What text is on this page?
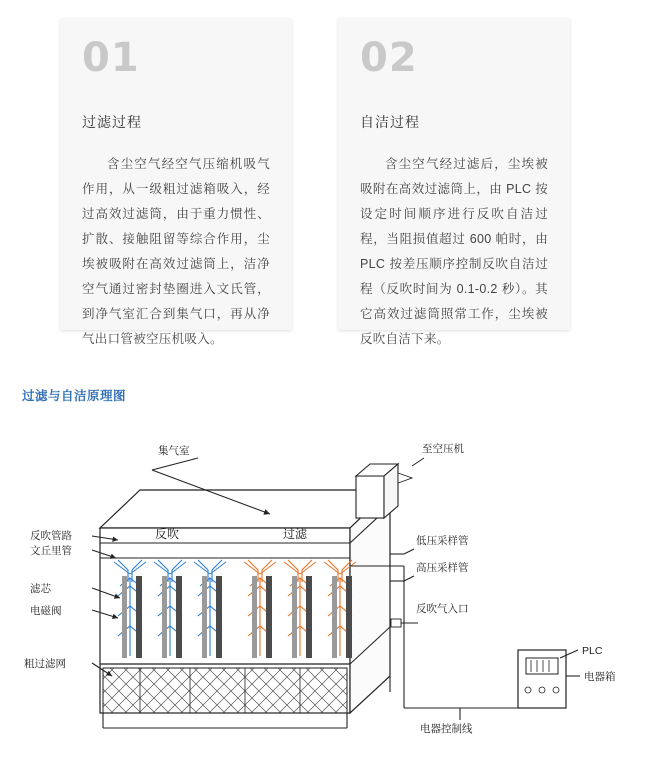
01
过滤过程
含尘空气经空气压缩机吸气作用，从一级粗过滤箱吸入，经过高效过滤筒，由于重力惯性、扩散、接触阻留等综合作用，尘埃被吸附在高效过滤筒上，洁净空气通过密封垫圈进入文氏管，到净气室汇合到集气口，再从净气出口管被空压机吸入。
02
自洁过程
含尘空气经过滤后，尘埃被吸附在高效过滤筒上，由 PLC 按设定时间顺序进行反吹自洁过程，当阻损值超过 600 帕时，由 PLC 按差压顺序控制反吹自洁过程（反吹时间为 0.1-0.2 秒）。其它高效过滤筒照常工作，尘埃被反吹自洁下来。
过滤与自洁原理图
集气室	至空压机
反吹管路
文丘里管
滤芯
电磁阀
粗过滤网
反吹	过滤	低压采样管
高压采样管
反吹气入口
PLC
电器箱
电器控制线
